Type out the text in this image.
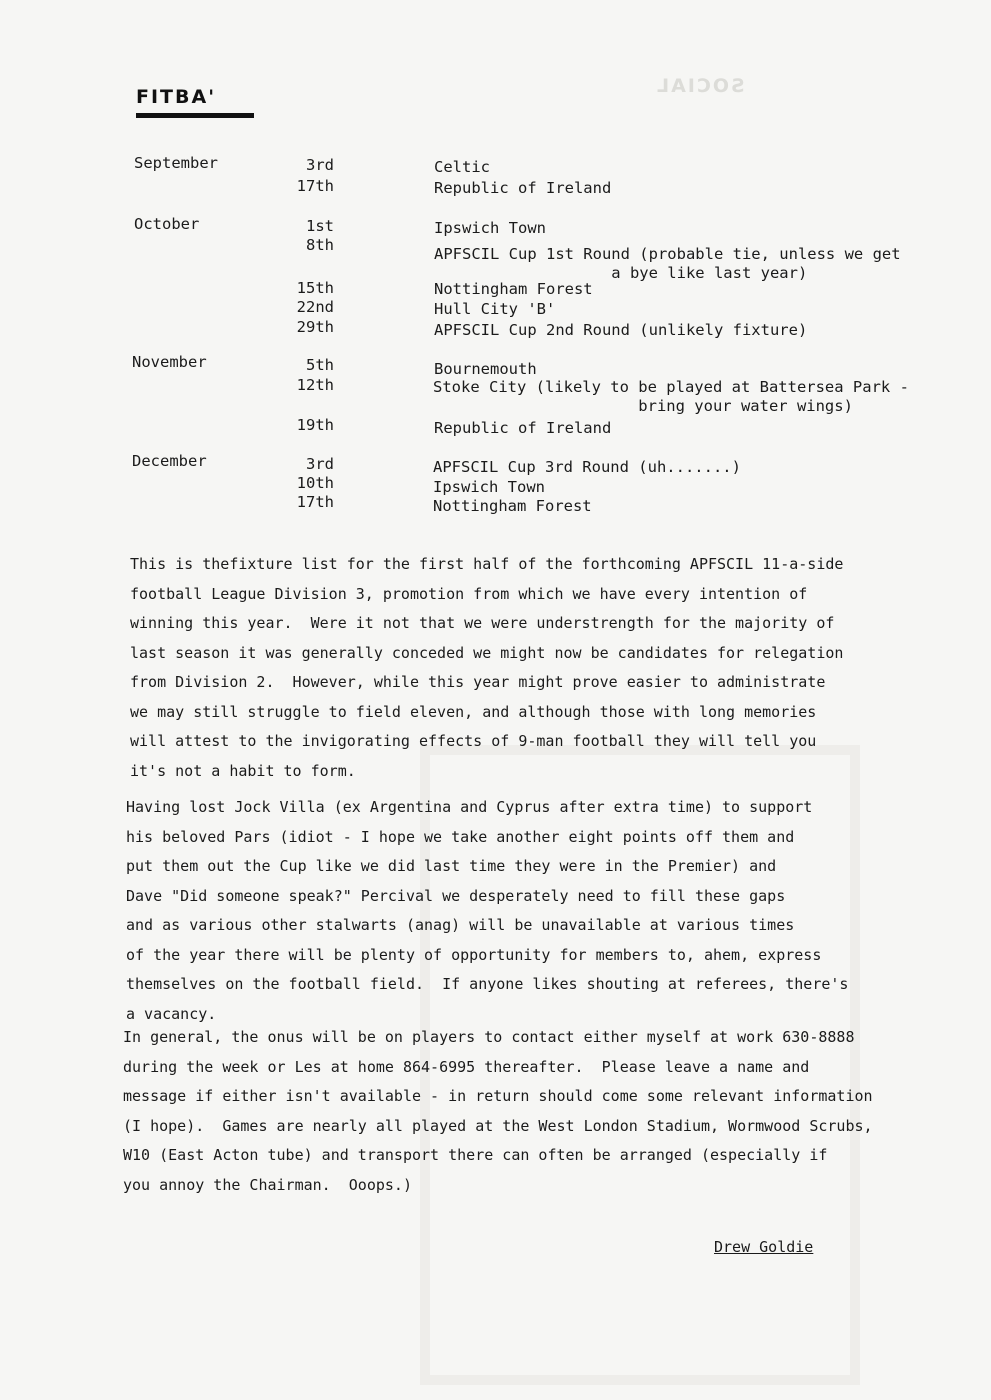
SOCIAL
FITBA'
September	3rd	Celtic
17th	Republic of Ireland
October	1st	Ipswich Town
8th	APFSCIL Cup 1st Round (probable tie, unless we get
a bye like last year)
15th	Nottingham Forest
22nd	Hull City 'B'
29th	APFSCIL Cup 2nd Round (unlikely fixture)
November	5th	Bournemouth
12th	Stoke City (likely to be played at Battersea Park -
bring your water wings)
19th	Republic of Ireland
December	3rd	APFSCIL Cup 3rd Round (uh.......)
10th	Ipswich Town
17th	Nottingham Forest
This is thefixture list for the first half of the forthcoming APFSCIL 11-a-side
football League Division 3, promotion from which we have every intention of
winning this year.  Were it not that we were understrength for the majority of
last season it was generally conceded we might now be candidates for relegation
from Division 2.  However, while this year might prove easier to administrate
we may still struggle to field eleven, and although those with long memories
will attest to the invigorating effects of 9-man football they will tell you
it's not a habit to form.
Having lost Jock Villa (ex Argentina and Cyprus after extra time) to support
his beloved Pars (idiot - I hope we take another eight points off them and
put them out the Cup like we did last time they were in the Premier) and
Dave "Did someone speak?" Percival we desperately need to fill these gaps
and as various other stalwarts (anag) will be unavailable at various times
of the year there will be plenty of opportunity for members to, ahem, express
themselves on the football field.  If anyone likes shouting at referees, there's
a vacancy.
In general, the onus will be on players to contact either myself at work 630-8888
during the week or Les at home 864-6995 thereafter.  Please leave a name and
message if either isn't available - in return should come some relevant information
(I hope).  Games are nearly all played at the West London Stadium, Wormwood Scrubs,
W10 (East Acton tube) and transport there can often be arranged (especially if
you annoy the Chairman.  Ooops.)
Drew Goldie
